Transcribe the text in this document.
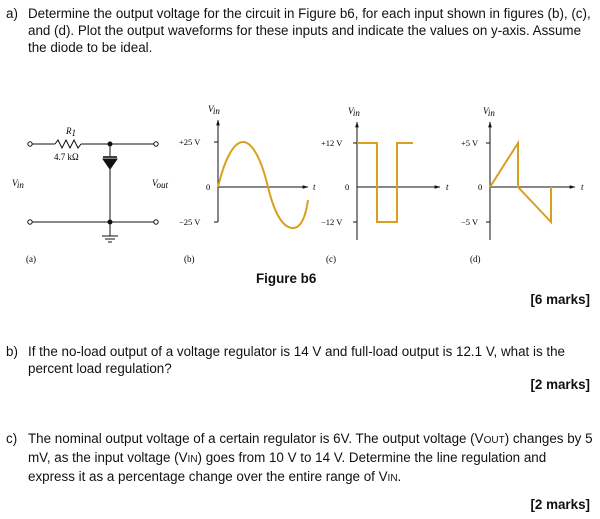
a) Determine the output voltage for the circuit in Figure b6, for each input shown in figures (b), (c), and (d). Plot the output waveforms for these inputs and indicate the values on y-axis. Assume the diode to be ideal.
R1
4.7 kΩ
Vin	Vout
(a)
Vin
+25 V
0
−25 V
t
(b)
Vin
+12 V
0
−12 V
t
(c)
Vin
+5 V
0
−5 V
t
(d)
Figure b6
[6 marks]
b) If the no-load output of a voltage regulator is 14 V and full-load output is 12.1 V, what is the percent load regulation?
[2 marks]
c) The nominal output voltage of a certain regulator is 6V. The output voltage (VOUT) changes by 5 mV, as the input voltage (VIN) goes from 10 V to 14 V. Determine the line regulation and express it as a percentage change over the entire range of VIN.
[2 marks]
